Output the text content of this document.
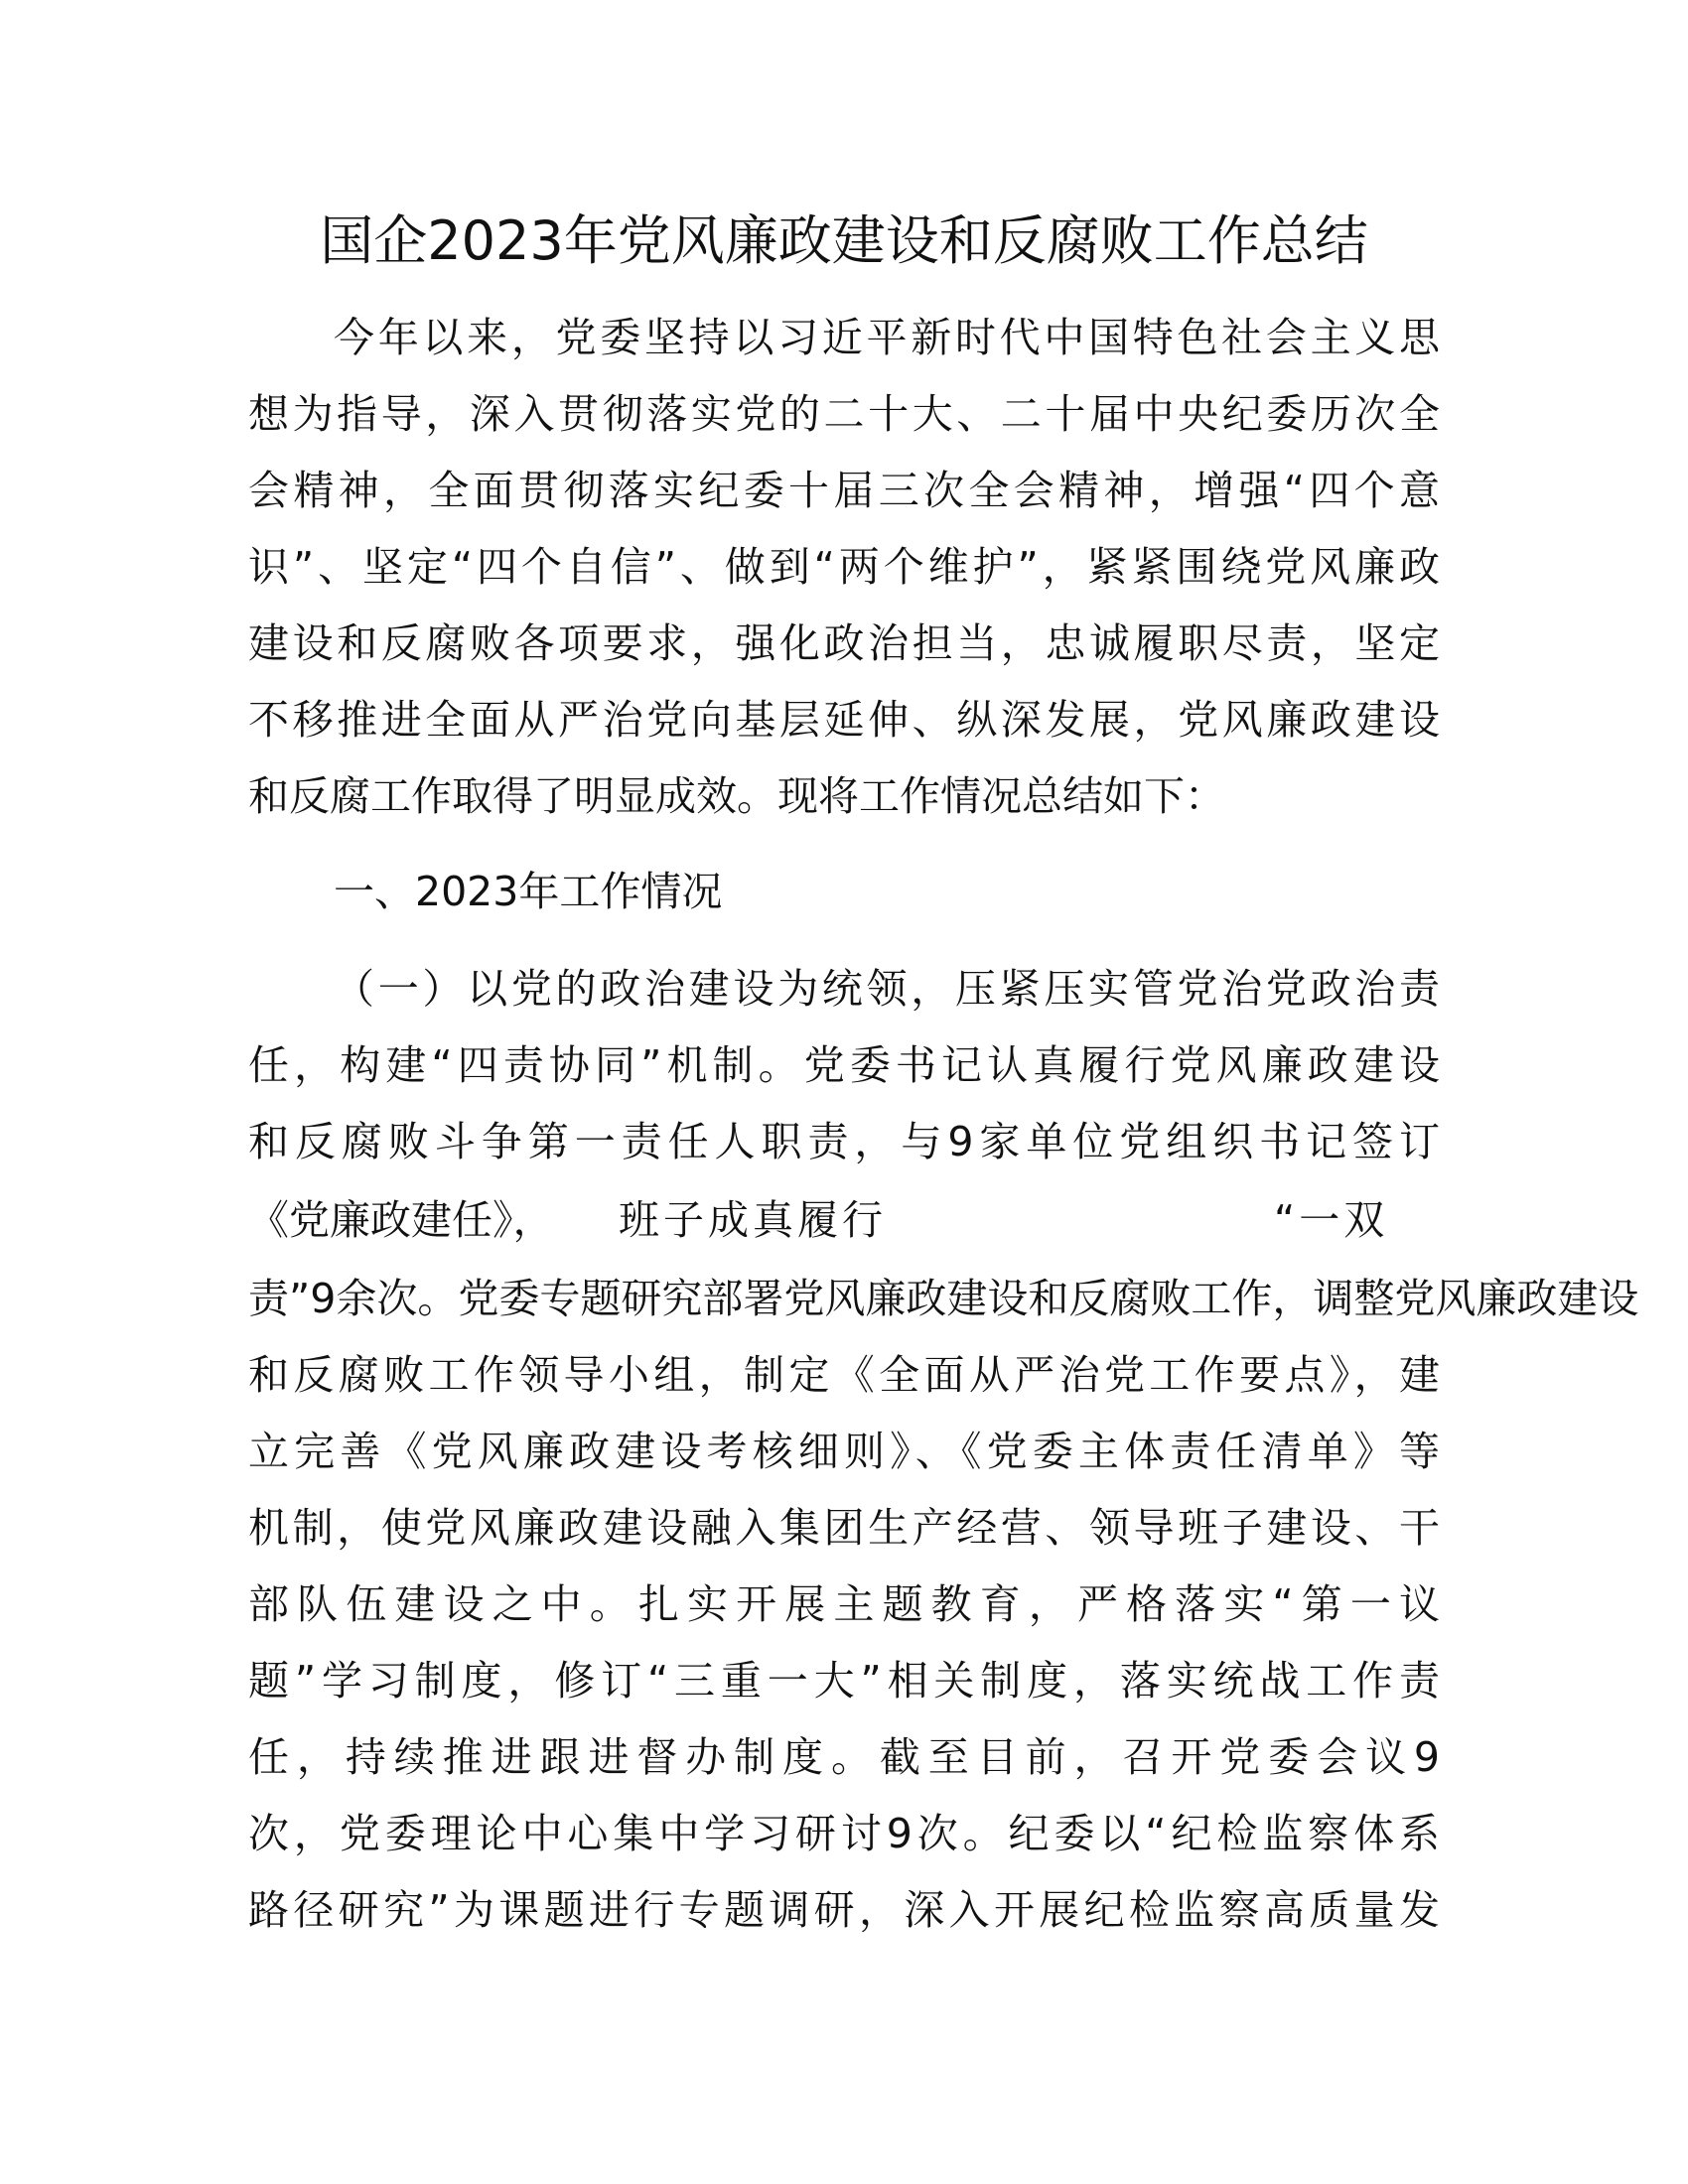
国企2023年党风廉政建设和反腐败工作总结
今年以来，党委坚持以习近平新时代中国特色社会主义思
想为指导，深入贯彻落实党的二十大、二十届中央纪委历次全
会精神，全面贯彻落实纪委十届三次全会精神，增强“四个意
识”、坚定“四个自信”、做到“两个维护”，紧紧围绕党风廉政
建设和反腐败各项要求，强化政治担当，忠诚履职尽责，坚定
不移推进全面从严治党向基层延伸、纵深发展，党风廉政建设
和反腐工作取得了明显成效。现将工作情况总结如下：
一、2023年工作情况
（一）以党的政治建设为统领，压紧压实管党治党政治责
任，构建“四责协同”机制。党委书记认真履行党风廉政建设
和反腐败斗争第一责任人职责，与9家单位党组织书记签订
《党廉政建任》， 班子成真履行	“一双
责”9余次。党委专题研究部署党风廉政建设和反腐败工作，调整党风廉政建设
和反腐败工作领导小组，制定《全面从严治党工作要点》，建
立完善《党风廉政建设考核细则》、《党委主体责任清单》等
机制，使党风廉政建设融入集团生产经营、领导班子建设、干
部队伍建设之中。扎实开展主题教育，严格落实“第一议
题”学习制度，修订“三重一大”相关制度，落实统战工作责
任，持续推进跟进督办制度。截至目前，召开党委会议9
次，党委理论中心集中学习研讨9次。纪委以“纪检监察体系
路径研究”为课题进行专题调研，深入开展纪检监察高质量发
